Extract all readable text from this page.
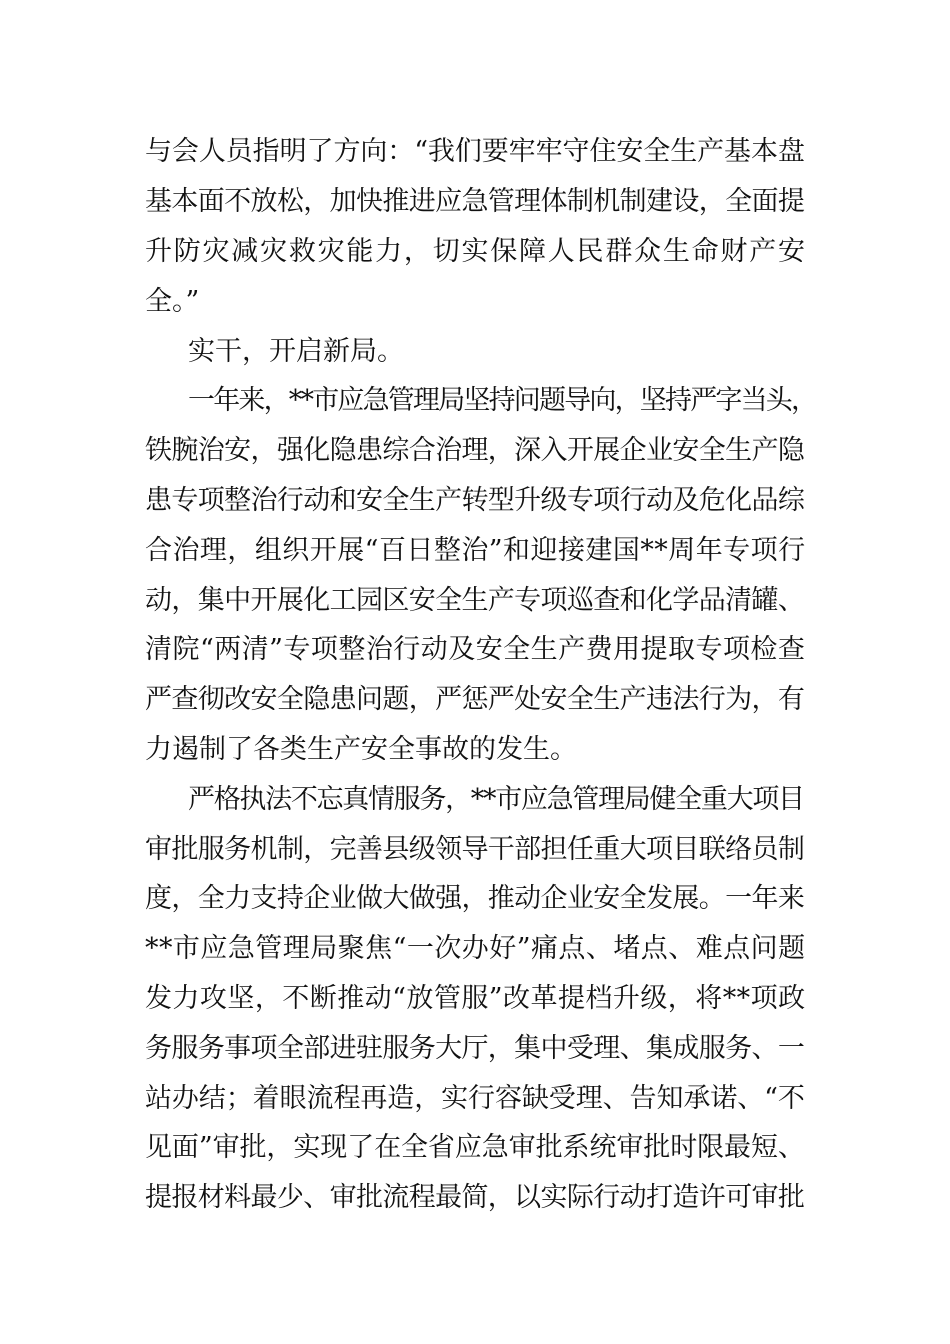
与会人员指明了方向：“我们要牢牢守住安全生产基本盘
基本面不放松，加快推进应急管理体制机制建设，全面提
升防灾减灾救灾能力，切实保障人民群众生命财产安
全。”
实干，开启新局。
一年来，**市应急管理局坚持问题导向，坚持严字当头，
铁腕治安，强化隐患综合治理，深入开展企业安全生产隐
患专项整治行动和安全生产转型升级专项行动及危化品综
合治理，组织开展“百日整治”和迎接建国**周年专项行
动，集中开展化工园区安全生产专项巡查和化学品清罐、
清院“两清”专项整治行动及安全生产费用提取专项检查
严查彻改安全隐患问题，严惩严处安全生产违法行为，有
力遏制了各类生产安全事故的发生。
严格执法不忘真情服务，**市应急管理局健全重大项目
审批服务机制，完善县级领导干部担任重大项目联络员制
度，全力支持企业做大做强，推动企业安全发展。一年来
**市应急管理局聚焦“一次办好”痛点、堵点、难点问题
发力攻坚，不断推动“放管服”改革提档升级，将**项政
务服务事项全部进驻服务大厅，集中受理、集成服务、一
站办结；着眼流程再造，实行容缺受理、告知承诺、“不
见面”审批，实现了在全省应急审批系统审批时限最短、
提报材料最少、审批流程最简，以实际行动打造许可审批
